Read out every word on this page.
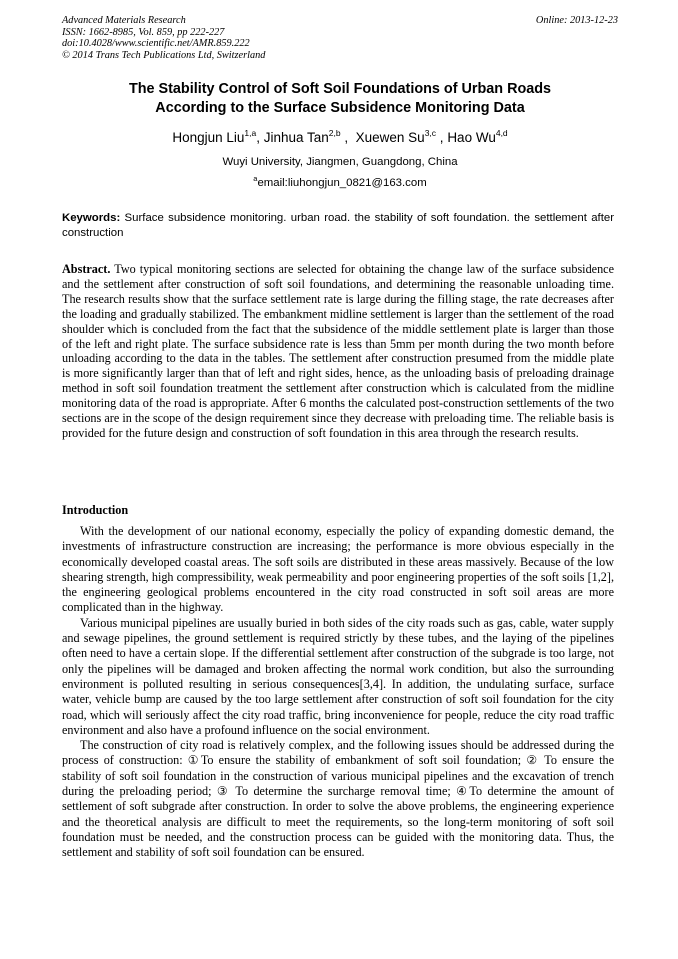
Advanced Materials Research
ISSN: 1662-8985, Vol. 859, pp 222-227
doi:10.4028/www.scientific.net/AMR.859.222
© 2014 Trans Tech Publications Ltd, Switzerland
Online: 2013-12-23
The Stability Control of Soft Soil Foundations of Urban Roads
According to the Surface Subsidence Monitoring Data
Hongjun Liu$^{1,a}$, Jinhua Tan$^{2,b}$ ,  Xuewen Su$^{3,c}$ , Hao Wu$^{4,d}$
Wuyi University, Jiangmen, Guangdong, China
$^a$email:liuhongjun_0821@163.com
Keywords: Surface subsidence monitoring. urban road. the stability of soft foundation. the settlement after construction
Abstract. Two typical monitoring sections are selected for obtaining the change law of the surface subsidence and the settlement after construction of soft soil foundations, and determining the reasonable unloading time. The research results show that the surface settlement rate is large during the filling stage, the rate decreases after the loading and gradually stabilized. The embankment midline settlement is larger than the settlement of the road shoulder which is concluded from the fact that the subsidence of the middle settlement plate is larger than those of the left and right plate. The surface subsidence rate is less than 5mm per month during the two month before unloading according to the data in the tables. The settlement after construction presumed from the middle plate is more significantly larger than that of left and right sides, hence, as the unloading basis of preloading drainage method in soft soil foundation treatment the settlement after construction which is calculated from the midline monitoring data of the road is appropriate. After 6 months the calculated post-construction settlements of the two sections are in the scope of the design requirement since they decrease with preloading time. The reliable basis is provided for the future design and construction of soft foundation in this area through the research results.
Introduction

With the development of our national economy, especially the policy of expanding domestic demand, the investments of infrastructure construction are increasing; the performance is more obvious especially in the economically developed coastal areas. The soft soils are distributed in these areas massively. Because of the low shearing strength, high compressibility, weak permeability and poor engineering properties of the soft soils [1,2], the engineering geological problems encountered in the city road constructed in soft soil areas are more complicated than in the highway.

Various municipal pipelines are usually buried in both sides of the city roads such as gas, cable, water supply and sewage pipelines, the ground settlement is required strictly by these tubes, and the laying of the pipelines often need to have a certain slope. If the differential settlement after construction of the subgrade is too large, not only the pipelines will be damaged and broken affecting the normal work condition, but also the surrounding environment is polluted resulting in serious consequences[3,4]. In addition, the undulating surface, surface water, vehicle bump are caused by the too large settlement after construction of soft soil foundation for the city road, which will seriously affect the city road traffic, bring inconvenience for people, reduce the city road traffic environment and also have a profound influence on the social environment.

The construction of city road is relatively complex, and the following issues should be addressed during the process of construction: ①To ensure the stability of embankment of soft soil foundation; ② To ensure the stability of soft soil foundation in the construction of various municipal pipelines and the excavation of trench during the preloading period; ③ To determine the surcharge removal time; ④To determine the amount of settlement of soft subgrade after construction. In order to solve the above problems, the engineering experience and the theoretical analysis are difficult to meet the requirements, so the long-term monitoring of soft soil foundation must be needed, and the construction process can be guided with the monitoring data. Thus, the settlement and stability of soft soil foundation can be ensured.
